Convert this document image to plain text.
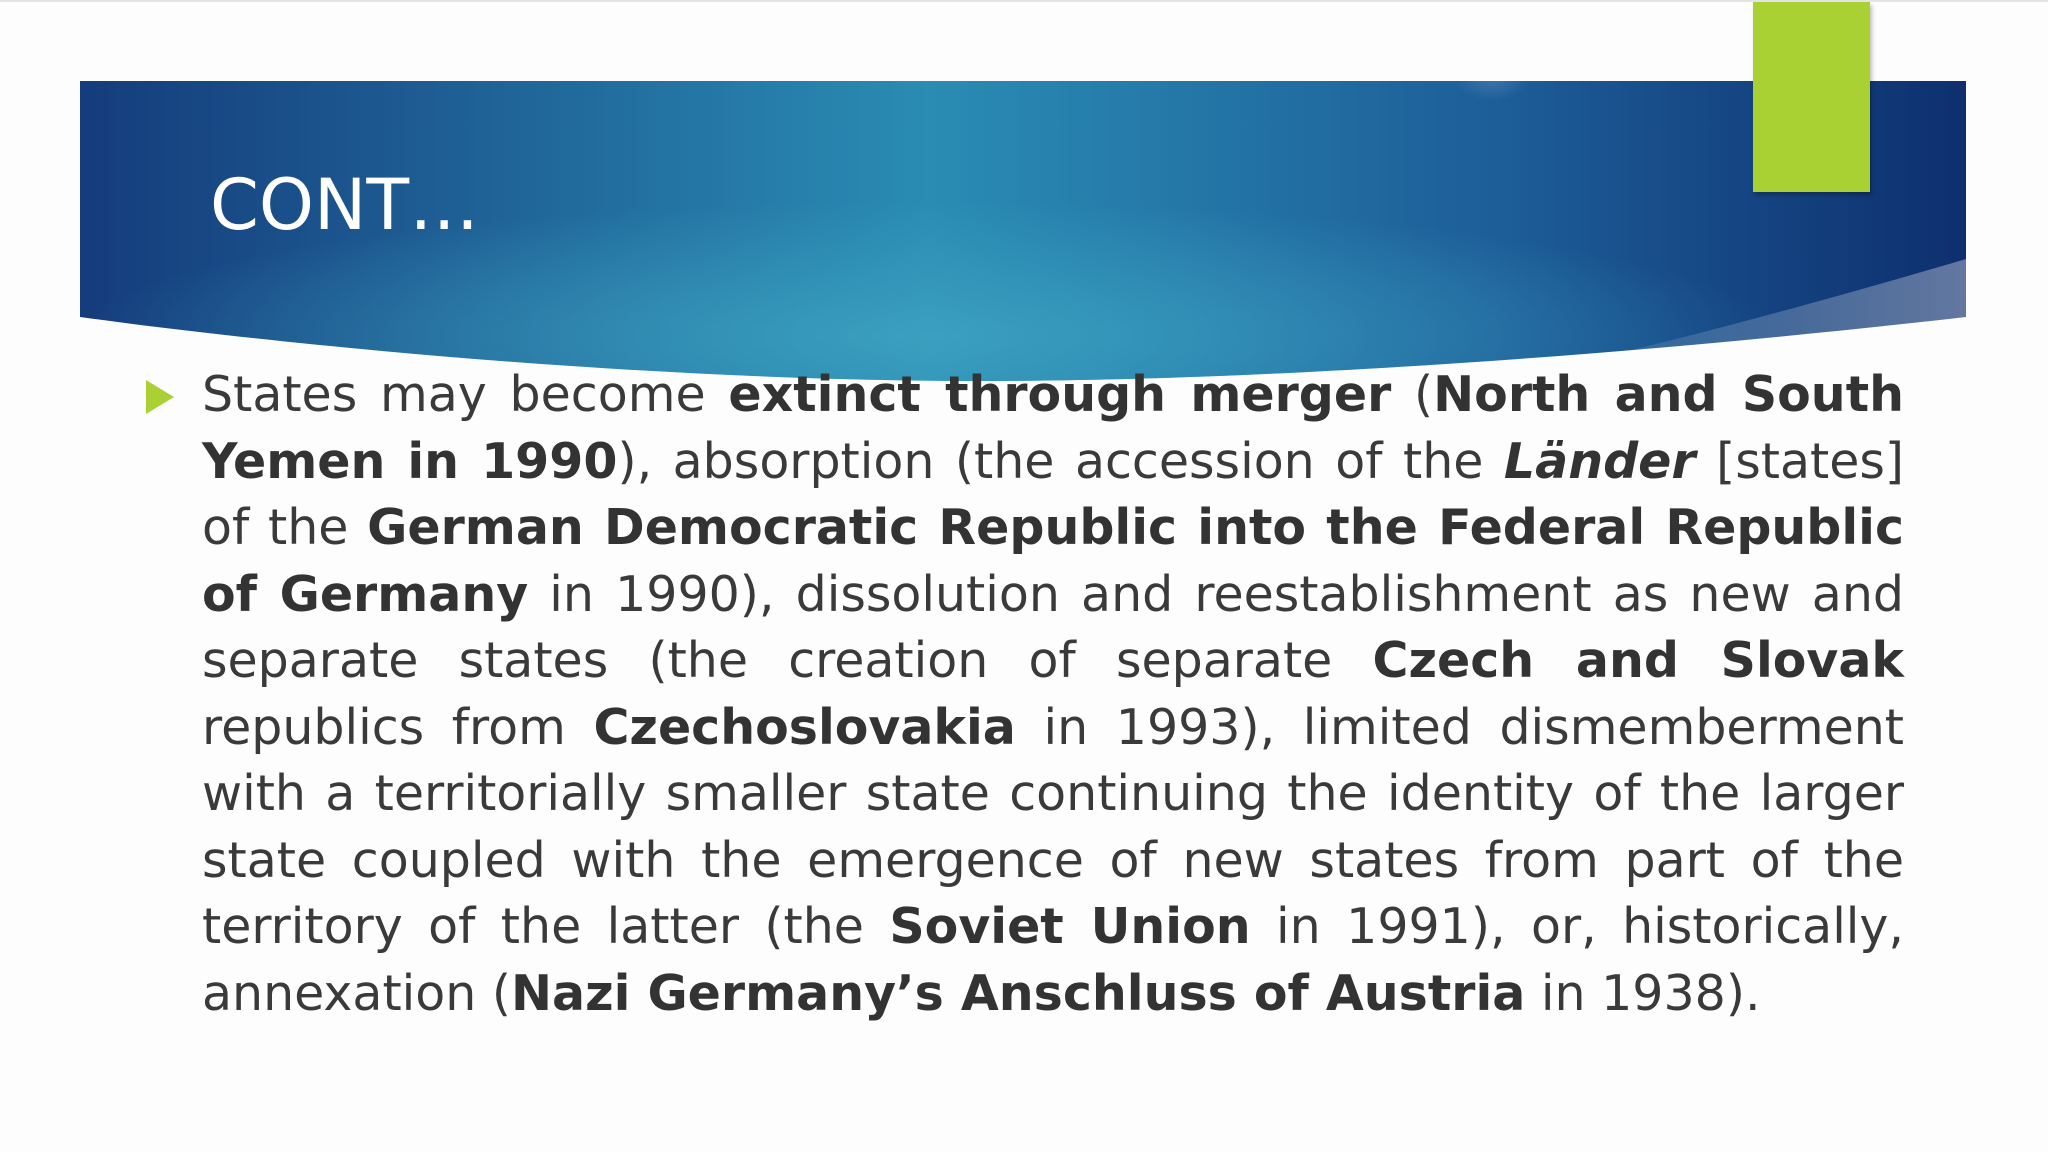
CONT…

States may become extinct through merger (North and South Yemen in 1990), absorption (the accession of the Länder [states] of the German Democratic Republic into the Federal Republic of Germany in 1990), dissolution and reestablishment as new and separate states (the creation of separate Czech and Slovak republics from Czechoslovakia in 1993), limited dismemberment with a territorially smaller state continuing the identity of the larger state coupled with the emergence of new states from part of the territory of the latter (the Soviet Union in 1991), or, historically, annexation (Nazi Germany’s Anschluss of Austria in 1938).
